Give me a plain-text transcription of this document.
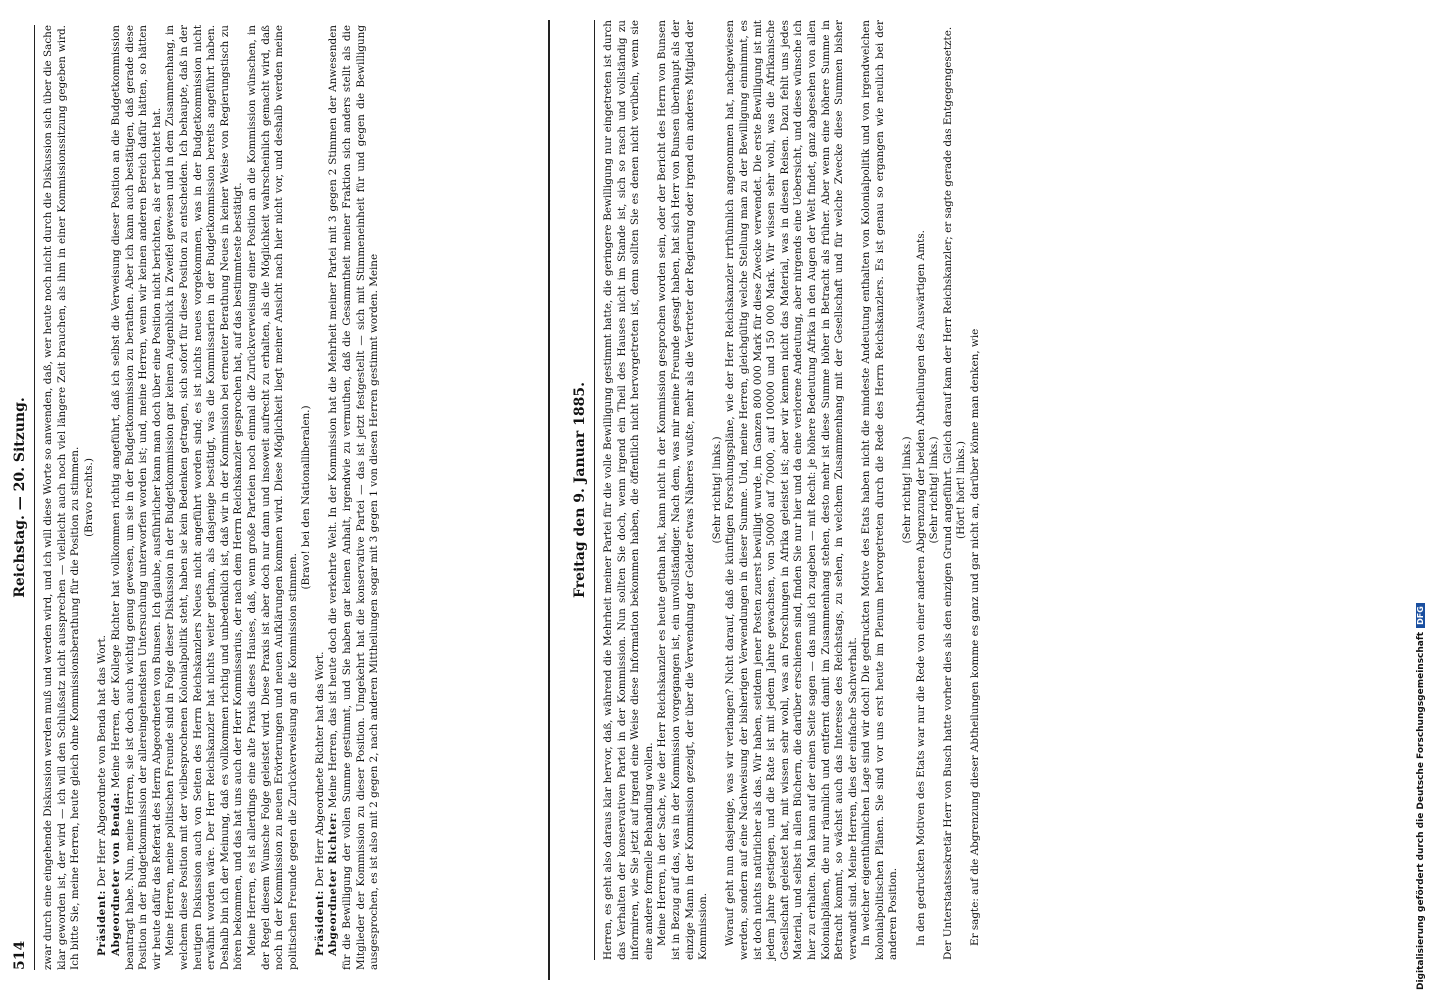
514
Reichstag. — 20. Sitzung. zwar durch eine eingehende Diskussion werden muß und werden wird, und ich will diese Worte so anwenden, daß, wer heute noch nicht durch die Diskussion sich über die Sache klar geworden ist, der wird — ich will den Schlußsatz nicht aussprechen — vielleicht auch noch viel längere Zeit brauchen, als ihm in einer Kommissionssitzung gegeben wird. Ich bitte Sie, meine Herren, heute gleich ohne Kommissionsberathung für die Position zu stimmen. (Bravo rechts.)

Präsident: Der Herr Abgeordnete von Benda hat das Wort. Abgeordneter von Benda: Meine Herren, der Kollege Richter hat vollkommen richtig angeführt, daß ich selbst die Verweisung dieser Position an die Budgetkommission beantragt habe. Nun, meine Herren, sie ist doch auch wichtig genug gewesen, um sie in der Budgetkommission zu berathen. Aber ich kann auch bestätigen, daß gerade diese Position in der Budgetkommission der allereingehendsten Untersuchung unterworfen worden ist; und, meine Herren, wenn wir keinen anderen Bereich dafür hätten, so hätten wir heute dafür das Referat des Herrn Abgeordneten von Bunsen. Ich glaube, ausführlicher kann man doch über eine Position nicht berichten, als er berichtet hat. Meine Herren, meine politischen Freunde sind in Folge dieser Diskussion in der Budgetkommission gar keinen Augenblick in Zweifel gewesen und in dem Zusammenhang, in welchem diese Position mit der vielbesprochenen Kolonialpolitik steht, haben sie kein Bedenken getragen, sich sofort für diese Position zu entscheiden. Ich behaupte, daß in der heutigen Diskussion auch von Seiten des Herrn Reichskanzlers Neues nicht angeführt worden sind; es ist nichts neues vorgekommen, was in der Budgetkommission nicht erwähnt worden wäre. Der Herr Reichskanzler hat nichts weiter gethan, als dasjenige bestätigt, was die Kommissarien in der Budgetkommission bereits angeführt haben. Deshalb bin ich der Meinung, daß es vollkommen richtig und unbedenklich ist, daß wir in der Kommission bei erneuter Berathung Neues in keiner Weise von Regierungstisch zu hören bekommen, und das hat uns auch der Herr Kommissarius, der nach dem Herrn Reichskanzler gesprochen hat, auf das bestimmteste bestätigt. Meine Herren, es ist allerdings eine alte Praxis dieses Hauses, daß, wenn große Parteien noch einmal die Zurückverweisung einer Position an die Kommission wünschen, in der Regel diesem Wunsche Folge geleistet wird. Diese Praxis ist aber doch nur dann und insoweit aufrecht zu erhalten, als die Möglichkeit wahrscheinlich gemacht wird, daß noch in der Kommission zu neuen Erörterungen und neuen Aufklärungen kommen wird. Diese Möglichkeit liegt meiner Ansicht nach hier nicht vor, und deshalb werden meine politischen Freunde gegen die Zurückverweisung an die Kommission stimmen.

(Bravo! bei den Nationalliberalen.)

Präsident: Der Herr Abgeordnete Richter hat das Wort. Abgeordneter Richter: Meine Herren, das ist heute doch die verkehrte Welt. In der Kommission hat die Mehrheit meiner Partei mit 3 gegen 2 Stimmen der Anwesenden für die Bewilligung der vollen Summe gestimmt, und Sie haben gar keinen Anhalt, irgendwie zu vermuthen, daß die Gesammtheit meiner Fraktion sich anders stellt als die Mitglieder der Kommission zu dieser Position. Umgekehrt hat die konservative Partei — das ist jetzt festgestellt — sich mit Stimmeneinheit für und gegen die Bewilligung ausgesprochen, es ist also mit 2 gegen 2, nach anderen Mittheilungen sogar mit 3 gegen 1 von diesen Herren gestimmt worden. Meine	Freitag den 9. Januar 1885. Herren, es geht also daraus klar hervor, daß, während die Mehrheit meiner Partei für die volle Bewilligung gestimmt hatte, die geringere Bewilligung nur eingetreten ist durch das Verhalten der konservativen Partei in der Kommission. Nun sollten Sie doch, wenn irgend ein Theil des Hauses nicht im Stande ist, sich so rasch und vollständig zu informiren, wie Sie jetzt auf irgend eine Weise diese Information bekommen haben, die öffentlich nicht hervorgetreten ist, denn sollten Sie es denen nicht verübeln, wenn sie eine andere formelle Behandlung wollen. Meine Herren, in der Sache, wie der Herr Reichskanzler es heute gethan hat, kann nicht in der Kommission gesprochen worden sein, oder der Bericht des Herrn von Bunsen ist in Bezug auf das, was in der Kommission vorgegangen ist, ein unvollständiger. Nach dem, was mir meine Freunde gesagt haben, hat sich Herr von Bunsen überhaupt als der einzige Mann in der Kommission gezeigt, der über die Verwendung der Gelder etwas Näheres wußte, mehr als die Vertreter der Regierung oder irgend ein anderes Mitglied der Kommission.

(Sehr richtig! links.) Worauf geht nun dasjenige, was wir verlangen? Nicht darauf, daß die künftigen Forschungspläne, wie der Herr Reichskanzler irrthümlich angenommen hat, nachgewiesen werden, sondern auf eine Nachweisung der bisherigen Verwendungen in dieser Summe. Und, meine Herren, gleichgültig welche Stellung man zu der Bewilligung einnimmt, es ist doch nichts natürlicher als das. Wir haben, seitdem jener Posten zuerst bewilligt wurde, im Ganzen 800 000 Mark für diese Zwecke verwendet. Die erste Bewilligung ist mit jedem Jahre gestiegen, und die Rate ist mit jedem Jahre gewachsen, von 50000 auf 70000, auf 100000 und 150 000 Mark. Wir wissen sehr wohl, was die Afrikanische Gesellschaft geleistet hat, mit wissen sehr wohl, was an Forschungen in Afrika geleistet ist; aber wir kennen nicht das Material, was in diesen Reisen. Dazu fehlt uns jedes Material, und selbst in allen Büchern, die darüber erschienen sind, finden Sie nur hier und da eine verlorene Andeutung, aber nirgends eine Uebersicht, und diese wünsche ich hier zu erhalten. Man kann auf der einen Seite sagen — das muß ich zugeben — mit Recht: je höhere Bedeutung Afrika in den Augen der Welt findet, ganz abgesehen von allen Kolonialplänen, die nur räumlich und entfernt damit im Zusammenhang stehen, desto mehr ist diese Summe höher in Betracht als früher. Aber wenn eine höhere Summe in Betracht kommt, so wächst auch das Interesse des Reichstags, zu sehen, in welchem Zusammenhang mit der Gesellschaft und für welche Zwecke diese Summen bisher verwandt sind. Meine Herren, dies der einfache Sachverhalt. In welcher eigenthümlichen Lage sind wir doch! Die gedruckten Motive des Etats haben nicht die mindeste Andeutung enthalten von Kolonialpolitik und von irgendwelchen kolonialpolitischen Plänen. Sie sind vor uns erst heute im Plenum hervorgetreten durch die Rede des Herrn Reichskanzlers. Es ist genau so ergangen wie neulich bei der anderen Position.

(Sehr richtig! links.) In den gedruckten Motiven des Etats war nur die Rede von einer anderen Abgrenzung der beiden Abtheilungen des Auswärtigen Amts. (Sehr richtig! links.) Der Unterstaatssekretär Herr von Busch hatte vorher dies als den einzigen Grund angeführt. Gleich darauf kam der Herr Reichskanzler; er sagte gerade das Entgegengesetzte. (Hört! hört! links.) Er sagte: auf die Abgrenzung dieser Abtheilungen komme es ganz und gar nicht an, darüber könne man denken, wie	Digitalisierung gefördert durch die Deutsche ForschungsgemeinschaftDFG
